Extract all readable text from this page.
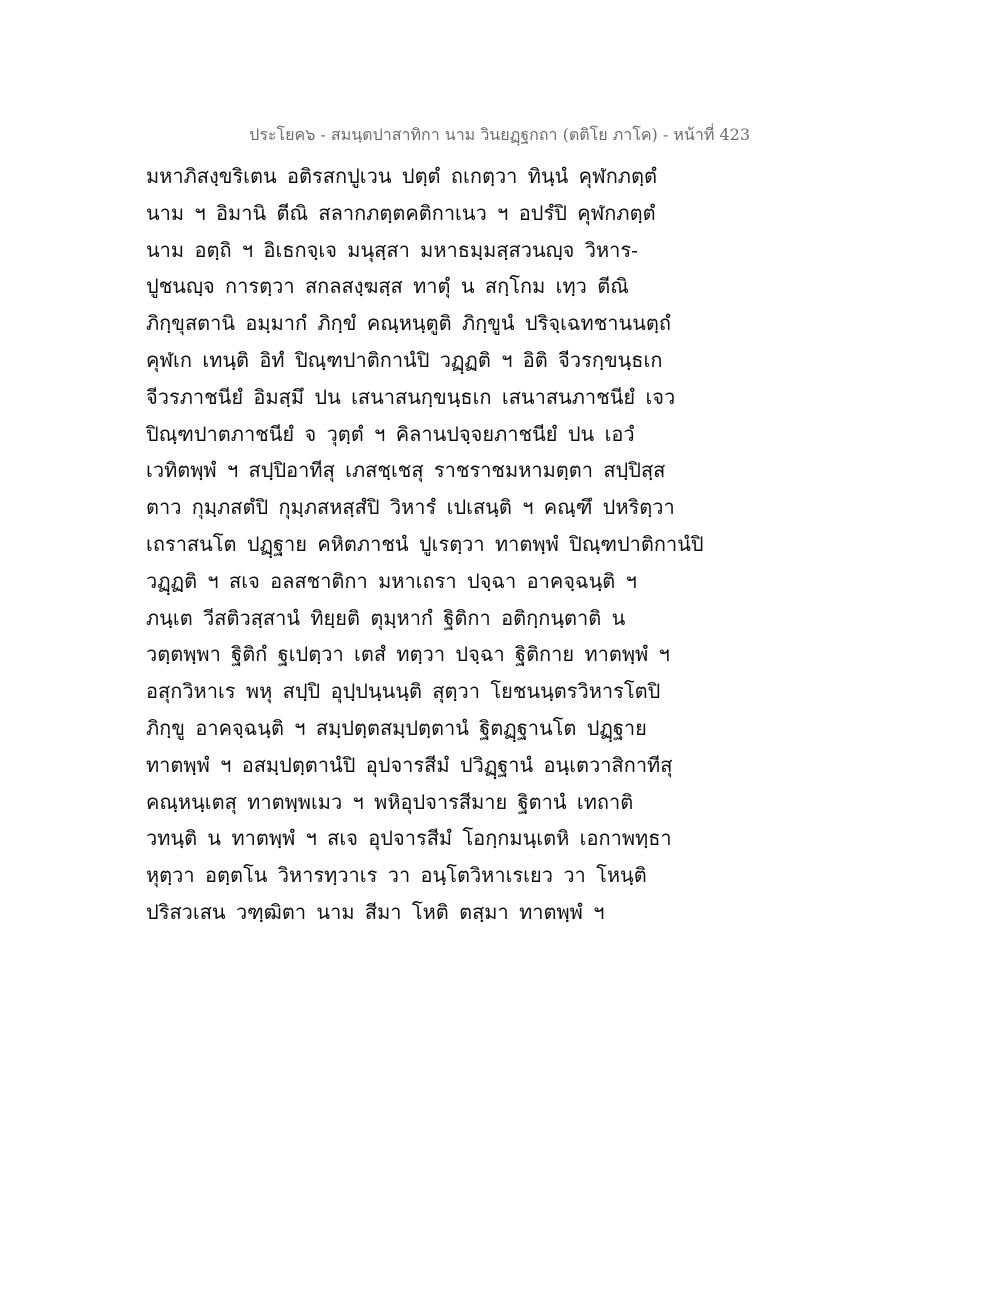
ประโยค๖ - สมนฺตปาสาทิกา นาม วินยฏฺฐกถา (ตติโย ภาโค) - หน้าที่ 423
มหาภิสงฺขริเตน อติรสกปูเวน ปตฺตํ ถเกตฺวา ทินฺนํ คุฬกภตฺตํ
นาม ฯ อิมานิ ตีณิ สลากภตฺตคติกาเนว ฯ อปรํปิ คุฬกภตฺตํ
นาม อตฺถิ ฯ อิเธกจฺเจ มนุสฺสา มหาธมฺมสฺสวนญฺจ วิหาร-
ปูชนญฺจ การตฺวา สกลสงฺฆสฺส ทาตุํ น สกฺโกม เทฺว ตีณิ
ภิกฺขุสตานิ อมฺมากํ ภิกฺขํ คณฺหนฺตูติ ภิกฺขูนํ ปริจฺเฉทชานนตฺถํ
คุฬเก เทนฺติ อิทํ ปิณฺฑปาติกานํปิ วฏฺฏติ ฯ อิติ จีวรกฺขนฺธเก
จีวรภาชนียํ อิมสฺมึ ปน เสนาสนกฺขนฺธเก เสนาสนภาชนียํ เจว
ปิณฺฑปาตภาชนียํ จ วุตฺตํ ฯ คิลานปจฺจยภาชนียํ ปน เอวํ
เวทิตพฺพํ ฯ สปฺปิอาทีสุ เภสชฺเชสุ ราชราชมหามตฺตา สปฺปิสฺส
ตาว กุมฺภสตํปิ กุมฺภสหสฺสํปิ วิหารํ เปเสนฺติ ฯ คณฺฑึ ปหริตฺวา
เถราสนโต ปฏฺฐาย คหิตภาชนํ ปูเรตฺวา ทาตพฺพํ ปิณฺฑปาติกานํปิ
วฏฺฏติ ฯ สเจ อลสชาติกา มหาเถรา ปจฺฉา อาคจฺฉนฺติ ฯ
ภนฺเต วีสติวสฺสานํ ทิยฺยติ ตุมฺหากํ ฐิติกา อติกฺกนฺตาติ น
วตฺตพฺพา ฐิติกํ ฐเปตฺวา เตสํ ทตฺวา ปจฺฉา ฐิติกาย ทาตพฺพํ ฯ
อสุกวิหาเร พหุ สปฺปิ อุปฺปนฺนนฺติ สุตฺวา โยชนนฺตรวิหารโตปิ
ภิกฺขู อาคจฺฉนฺติ ฯ สมฺปตฺตสมฺปตฺตานํ ฐิตฏฺฐานโต ปฏฺฐาย
ทาตพฺพํ ฯ อสมฺปตฺตานํปิ อุปจารสีมํ ปวิฏฺฐานํ อนฺเตวาสิกาทีสุ
คณฺหนฺเตสุ ทาตพฺพเมว ฯ พหิอุปจารสีมาย ฐิตานํ เทถาติ
วทนฺติ น ทาตพฺพํ ฯ สเจ อุปจารสีมํ โอกฺกมนฺเตหิ เอกาพทฺธา
หุตฺวา อตฺตโน วิหารทฺวาเร วา อนฺโตวิหาเรเยว วา โหนฺติ
ปริสวเสน วฑฺฒิตา นาม สีมา โหติ ตสฺมา ทาตพฺพํ ฯ
